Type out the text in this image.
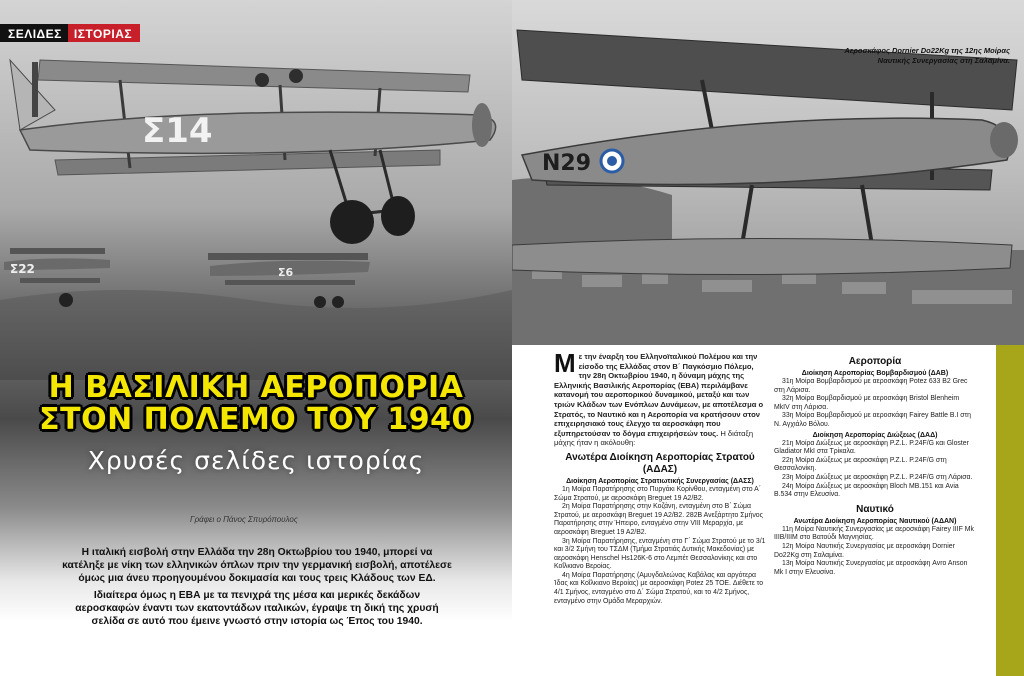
Σ14
Σ22	Σ6
ΣΕΛΙΔΕΣ	ΙΣΤΟΡΙΑΣ
Η ΒΑΣΙΛΙΚΗ ΑΕΡΟΠΟΡΙΑ
ΣΤΟΝ ΠΟΛΕΜΟ ΤΟΥ 1940
Χρυσές σελίδες ιστορίας
Γράφει ο Πάνος Σπυρόπουλος

Η ιταλική εισβολή στην Ελλάδα την 28η Οκτωβρίου του 1940, μπορεί να κατέληξε με νίκη των ελληνικών όπλων πριν την γερμανική εισβολή, αποτέλεσε όμως μια άνευ προηγουμένου δοκιμασία και τους τρεις Κλάδους των ΕΔ.

Ιδιαίτερα όμως η ΕΒΑ με τα πενιχρά της μέσα και μερικές δεκάδων αεροσκαφών έναντι των εκατοντάδων ιταλικών, έγραψε τη δική της χρυσή σελίδα σε αυτό που έμεινε γνωστό στην ιστορία ως Έπος του 1940.

N29
Αεροσκάφος Dornier Do22Kg της 12ης Μοίρας Ναυτικής Συνεργασίας στη Σαλαμίνα.

Μ ε την έναρξη του Ελληνοϊταλικού Πολέμου και την είσοδο της Ελλάδας στον Β΄ Παγκόσμιο Πόλεμο, την 28η Οκτωβρίου 1940, η δύναμη μάχης της Ελληνικής Βασιλικής Αεροπορίας (ΕΒΑ) περιλάμβανε κατανομή του αεροπορικού δυναμικού, μεταξύ και των τριών Κλάδων των Ενόπλων Δυνάμεων, με αποτέλεσμα ο Στρατός, το Ναυτικό και η Αεροπορία να κρατήσουν στον επιχειρησιακό τους έλεγχο τα αεροσκάφη που εξυπηρετούσαν το δόγμα επιχειρήσεών τους. Η διάταξη μάχης ήταν η ακόλουθη:

Ανωτέρα Διοίκηση Αεροπορίας Στρατού (ΑΔΑΣ)
Διοίκηση Αεροπορίας Στρατιωτικής Συνεργασίας (ΔΑΣΣ)

1η Μοίρα Παρατήρησης στο Πυργάκι Κορίνθου, ενταγμένη στο Α΄ Σώμα Στρατού, με αεροσκάφη Breguet 19 A2/B2.

2η Μοίρα Παρατήρησης στην Κοζάνη, ενταγμένη στο Β΄ Σώμα Στρατού, με αεροσκάφη Breguet 19 A2/B2. 282Β Ανεξάρτητο Σμήνος Παρατήρησης στην Ήπειρο, ενταγμένο στην VIII Μεραρχία, με αεροσκάφη Breguet 19 A2/B2.

3η Μοίρα Παρατήρησης, ενταγμένη στο Γ΄ Σώμα Στρατού με το 3/1 και 3/2 Σμήνη του ΤΣΔΜ (Τμήμα Στρατιάς Δυτικής Μακεδονίας) με αεροσκάφη Henschel Hs126K-6 στο Λεμπέτ Θεσσαλονίκης και στο Κοΐλκιανο Βεροίας.

4η Μοίρα Παρατήρησης (Αμυγδαλεώνας Καβάλας και αργότερα Ίδας και Κοΐλκιανο Βεροίας) με αεροσκάφη Potez 25 TOE. Διέθετε το 4/1 Σμήνος, ενταγμένο στο Δ΄ Σώμα Στρατού, και το 4/2 Σμήνος, ενταγμένο στην Ομάδα Μεραρχιών.

Αεροπορία
Διοίκηση Αεροπορίας Βομβαρδισμού (ΔΑΒ)

31η Μοίρα Βομβαρδισμού με αεροσκάφη Potez 633 B2 Grec στη Λάρισα.

32η Μοίρα Βομβαρδισμού με αεροσκάφη Bristol Blenheim MkIV στη Λάρισα.

33η Μοίρα Βομβαρδισμού με αεροσκάφη Fairey Battle B.I στη Ν. Αγχιάλο Βόλου.

Διοίκηση Αεροπορίας Διώξεως (ΔΑΔ)

21η Μοίρα Διώξεως με αεροσκάφη P.Z.L. P.24F/G και Gloster Gladiator MkI στα Τρίκαλα.

22η Μοίρα Διώξεως με αεροσκάφη P.Z.L. P.24F/G στη Θεσσαλονίκη.

23η Μοίρα Διώξεως με αεροσκάφη P.Z.L. P.24F/G στη Λάρισα.

24η Μοίρα Διώξεως με αεροσκάφη Bloch MB.151 και Avia B.534 στην Ελευσίνα.

Ναυτικό
Ανωτέρα Διοίκηση Αεροπορίας Ναυτικού (ΑΔΑΝ)

11η Μοίρα Ναυτικής Συνεργασίας με αεροσκάφη Fairey IIIF Mk IIIB/IIIM στο Βατούδι Μαγνησίας.

12η Μοίρα Ναυτικής Συνεργασίας με αεροσκάφη Dornier Do22Kg στη Σαλαμίνα.

13η Μοίρα Ναυτικής Συνεργασίας με αεροσκάφη Avro Anson Mk I στην Ελευσίνα.
